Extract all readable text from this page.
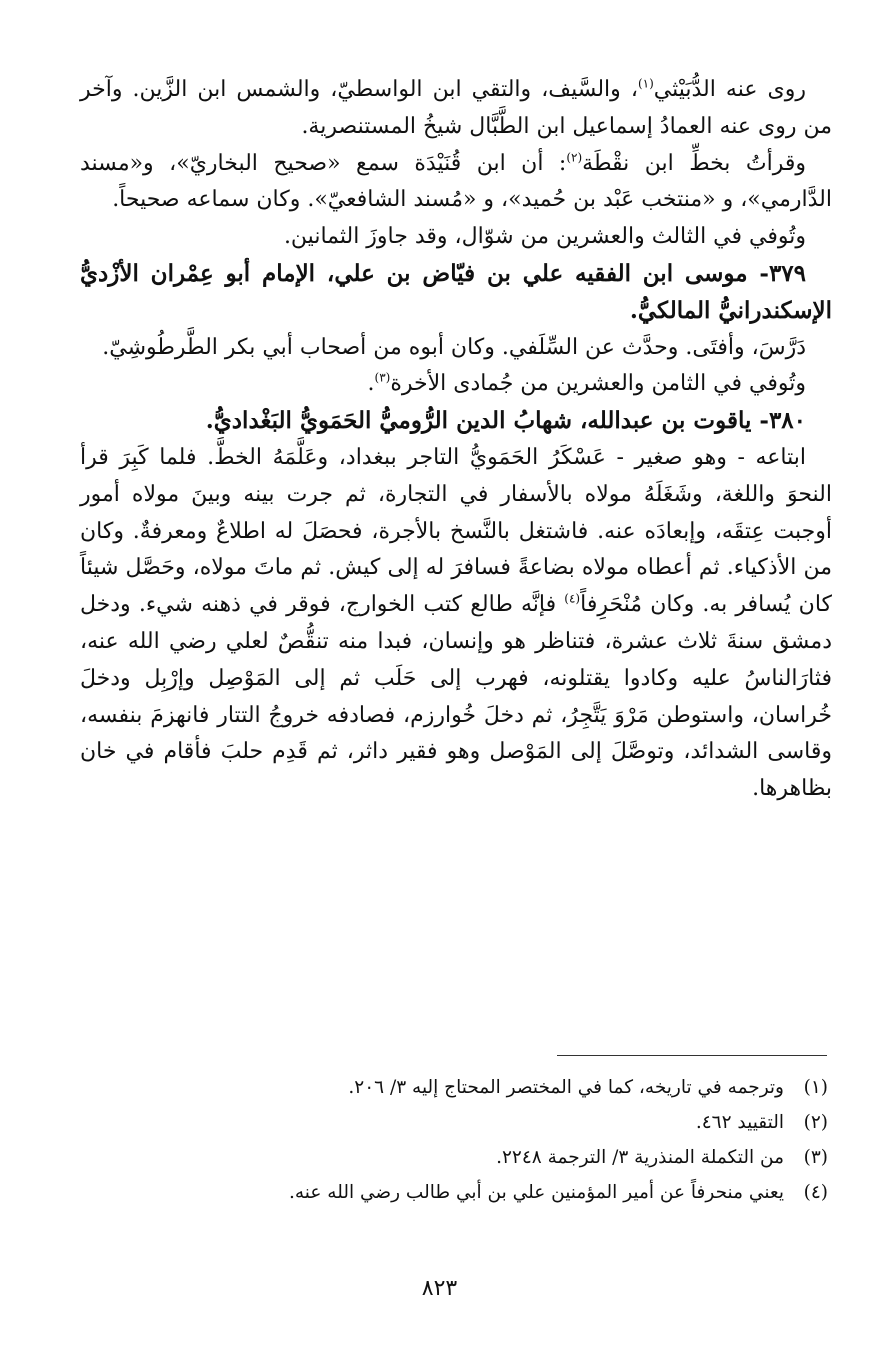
روى عنه الدُّبَيْثي$^{(١)}$، والسَّيف، والتقي ابن الواسطيّ، والشمس ابن الزَّين. وآخر من روى عنه العمادُ إسماعيل ابن الطَّبَّال شيخُ المستنصرية.

وقرأتُ بخطِّ ابن نقْطَة$^{(٢)}$: أن ابن قُنَيْدَة سمع «صحيح البخاريّ»، و«مسند الدَّارمي»، و «منتخب عَبْد بن حُميد»، و «مُسند الشافعيّ». وكان سماعه صحيحاً.

وتُوفي في الثالث والعشرين من شوّال، وقد جاوزَ الثمانين.

٣٧٩- موسى ابن الفقيه علي بن فيّاض بن علي، الإمام أبو عِمْران الأزْديُّ الإسكندرانيُّ المالكيُّ.

دَرَّسَ، وأفتَى. وحدَّث عن السِّلَفي. وكان أبوه من أصحاب أبي بكر الطَّرطُوشِيّ.

وتُوفي في الثامن والعشرين من جُمادى الأخرة$^{(٣)}$.

٣٨٠- ياقوت بن عبدالله، شهابُ الدين الرُّوميُّ الحَمَويُّ البَغْداديُّ.

ابتاعه - وهو صغير - عَسْكَرُ الحَمَويُّ التاجر ببغداد، وعَلَّمَهُ الخطَّ. فلما كَبِرَ قرأ النحوَ واللغة، وشَغَلَهُ مولاه بالأسفار في التجارة، ثم جرت بينه وبينَ مولاه أمور أوجبت عِتقَه، وإبعادَه عنه. فاشتغل بالنَّسخ بالأجرة، فحصَلَ له اطلاعٌ ومعرفةٌ. وكان من الأذكياء. ثم أعطاه مولاه بضاعةً فسافرَ له إلى كيش. ثم ماتَ مولاه، وحَصَّل شيئاً كان يُسافر به. وكان مُنْحَرِفاً$^{(٤)}$ فإنَّه طالع كتب الخوارج، فوقر في ذهنه شيء. ودخل دمشق سنةَ ثلاث عشرة، فتناظر هو وإنسان، فبدا منه تنقُّصٌ لعلي رضي الله عنه، فثارَالناسُ عليه وكادوا يقتلونه، فهرب إلى حَلَب ثم إلى المَوْصِل وإرْبِل ودخلَ خُراسان، واستوطن مَرْوَ يَتَّجِرُ، ثم دخلَ خُوارزم، فصادفه خروجُ التتار فانهزمَ بنفسه، وقاسى الشدائد، وتوصَّلَ إلى المَوْصل وهو فقير داثر، ثم قَدِم حلبَ فأقام في خان بظاهرها.

(١)
وترجمه في تاريخه، كما في المختصر المحتاج إليه ٣/ ٢٠٦.
(٢)
التقييد ٤٦٢.
(٣)
من التكملة المنذرية ٣/ الترجمة ٢٢٤٨.
(٤)
يعني منحرفاً عن أمير المؤمنين علي بن أبي طالب رضي الله عنه.
٨٢٣
